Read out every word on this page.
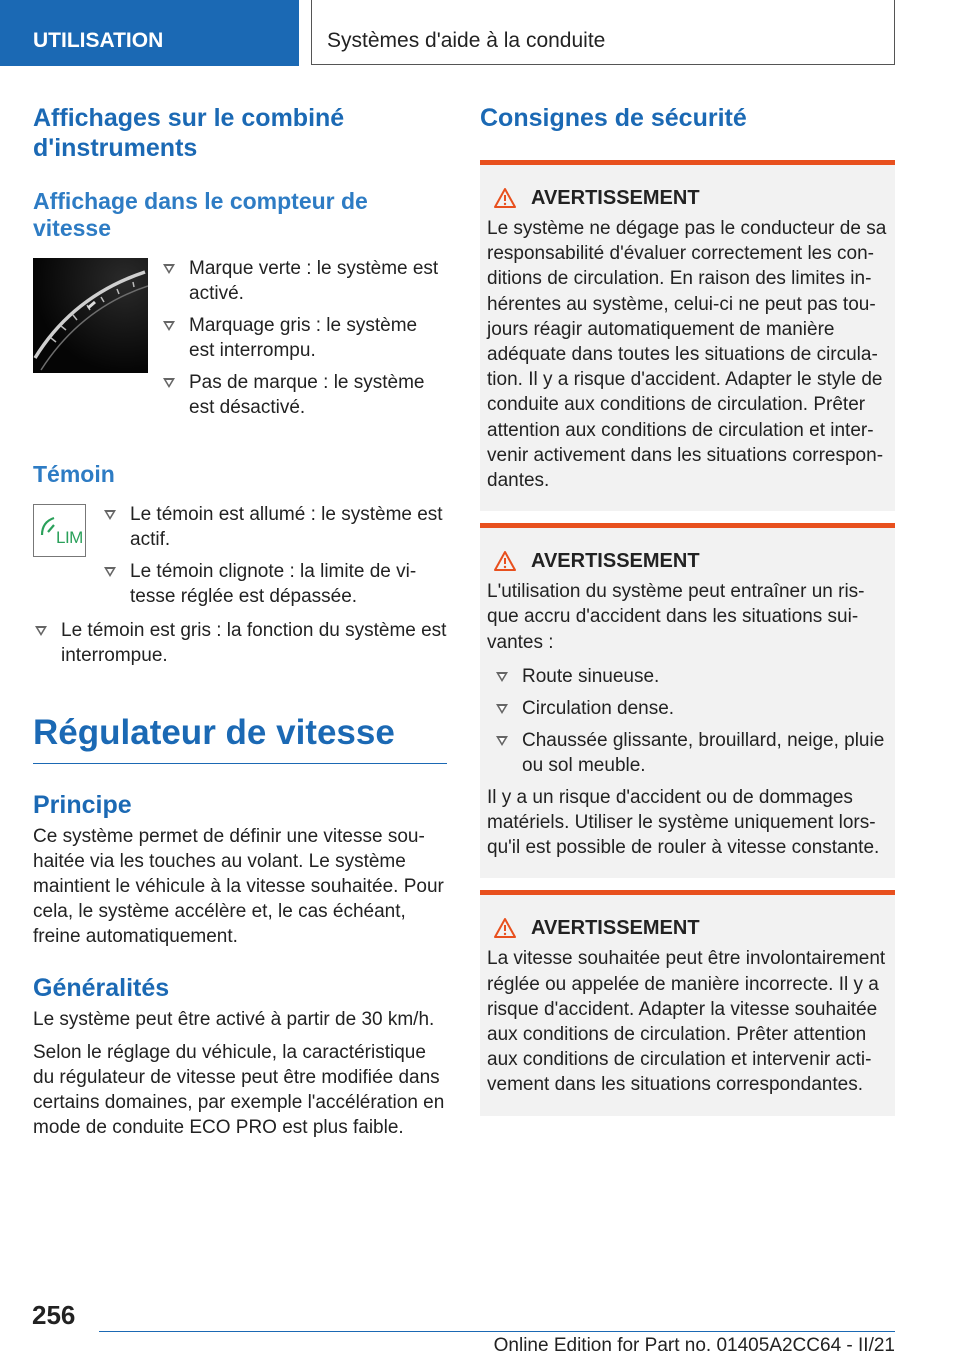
UTILISATION	Systèmes d'aide à la conduite
Affichages sur le combiné d'instruments
Affichage dans le compteur de vitesse
Marque verte : le système est activé.
Marquage gris : le système est interrompu.
Pas de marque : le système est désactivé.
Témoin
LIM
Le témoin est allumé : le système est actif.
Le témoin clignote : la limite de vi-tesse réglée est dépassée.
Le témoin est gris : la fonction du système est interrompue.
Régulateur de vitesse
Principe

Ce système permet de définir une vitesse sou-haitée via les touches au volant. Le système maintient le véhicule à la vitesse souhaitée. Pour cela, le système accélère et, le cas échéant, freine automatiquement.

Généralités

Le système peut être activé à partir de 30 km/h.

Selon le réglage du véhicule, la caractéristique du régulateur de vitesse peut être modifiée dans certains domaines, par exemple l'accélération en mode de conduite ECO PRO est plus faible.

Consignes de sécurité
AVERTISSEMENT

Le système ne dégage pas le conducteur de sa responsabilité d'évaluer correctement les con-ditions de circulation. En raison des limites in-hérentes au système, celui-ci ne peut pas tou-jours réagir automatiquement de manière adéquate dans toutes les situations de circula-tion. Il y a risque d'accident. Adapter le style de conduite aux conditions de circulation. Prêter attention aux conditions de circulation et inter-venir activement dans les situations correspon-dantes.

AVERTISSEMENT

L'utilisation du système peut entraîner un ris-que accru d'accident dans les situations sui-vantes :

Route sinueuse.
Circulation dense.
Chaussée glissante, brouillard, neige, pluie ou sol meuble.

Il y a un risque d'accident ou de dommages matériels. Utiliser le système uniquement lors-qu'il est possible de rouler à vitesse constante.

AVERTISSEMENT

La vitesse souhaitée peut être involontairement réglée ou appelée de manière incorrecte. Il y a risque d'accident. Adapter la vitesse souhaitée aux conditions de circulation. Prêter attention aux conditions de circulation et intervenir acti-vement dans les situations correspondantes.

256
Online Edition for Part no. 01405A2CC64 - II/21
